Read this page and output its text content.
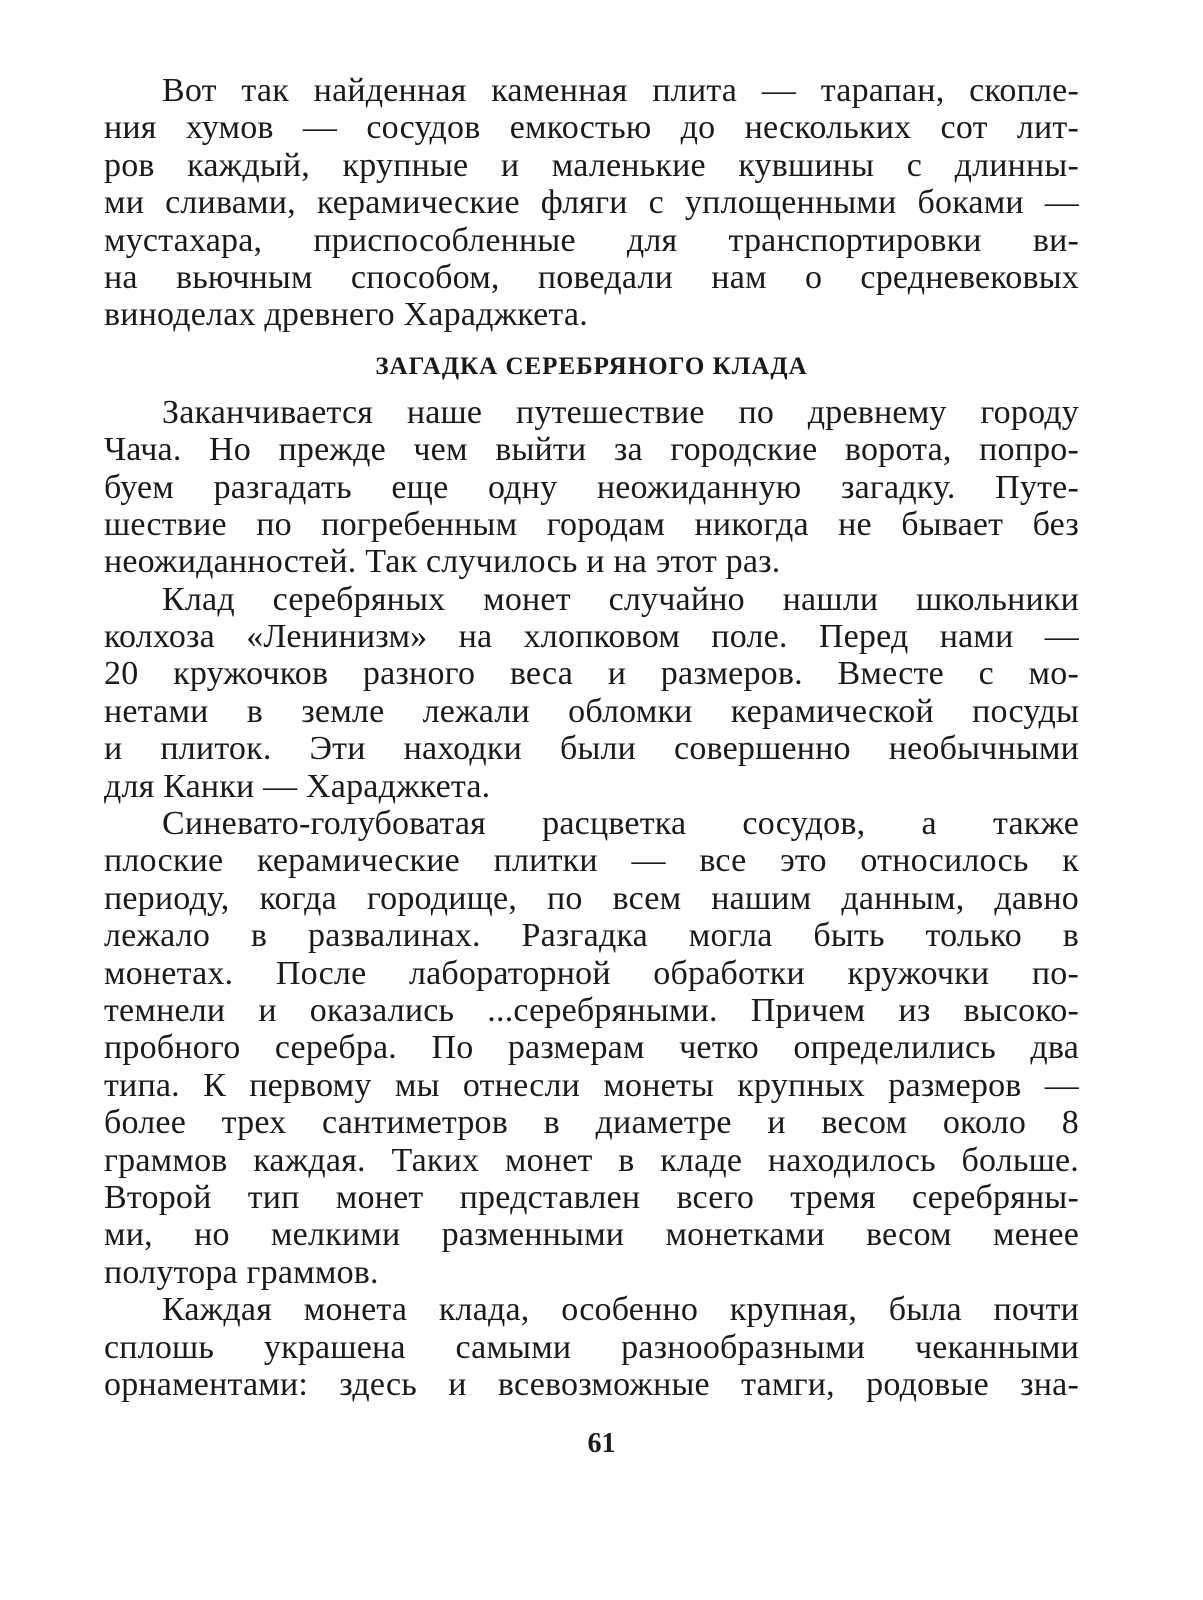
Вот так найденная каменная плита — тарапан, скопле-
ния хумов — сосудов емкостью до нескольких сот лит-
ров каждый, крупные и маленькие кувшины с длинны-
ми сливами, керамические фляги с уплощенными боками —
мустахара, приспособленные для транспортировки ви-
на вьючным способом, поведали нам о средневековых
виноделах древнего Хараджкета.
ЗАГАДКА СЕРЕБРЯНОГО КЛАДА
Заканчивается наше путешествие по древнему городу
Чача. Но прежде чем выйти за городские ворота, попро-
буем разгадать еще одну неожиданную загадку. Путе-
шествие по погребенным городам никогда не бывает без
неожиданностей. Так случилось и на этот раз.
Клад серебряных монет случайно нашли школьники
колхоза «Ленинизм» на хлопковом поле. Перед нами —
20 кружочков разного веса и размеров. Вместе с мо-
нетами в земле лежали обломки керамической посуды
и плиток. Эти находки были совершенно необычными
для Канки — Хараджкета.
Синевато-голубоватая расцветка сосудов, а также
плоские керамические плитки — все это относилось к
периоду, когда городище, по всем нашим данным, давно
лежало в развалинах. Разгадка могла быть только в
монетах. После лабораторной обработки кружочки по-
темнели и оказались ...серебряными. Причем из высоко-
пробного серебра. По размерам четко определились два
типа. К первому мы отнесли монеты крупных размеров —
более трех сантиметров в диаметре и весом около 8
граммов каждая. Таких монет в кладе находилось больше.
Второй тип монет представлен всего тремя серебряны-
ми, но мелкими разменными монетками весом менее
полутора граммов.
Каждая монета клада, особенно крупная, была почти
сплошь украшена самыми разнообразными чеканными
орнаментами: здесь и всевозможные тамги, родовые зна-
61
